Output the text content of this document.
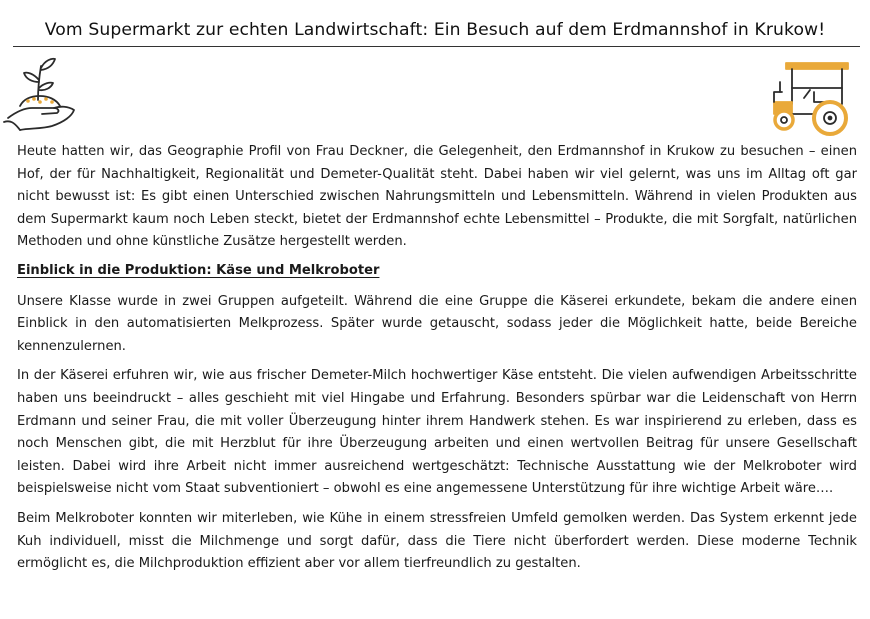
Vom Supermarkt zur echten Landwirtschaft: Ein Besuch auf dem Erdmannshof in Krukow!

Heute hatten wir, das Geographie Profil von Frau Deckner, die Gelegenheit, den Erdmannshof in Krukow zu besuchen – einen Hof, der für Nachhaltigkeit, Regionalität und Demeter-Qualität steht. Dabei haben wir viel gelernt, was uns im Alltag oft gar nicht bewusst ist: Es gibt einen Unterschied zwischen Nahrungsmitteln und Lebensmitteln. Während in vielen Produkten aus dem Supermarkt kaum noch Leben steckt, bietet der Erdmannshof echte Lebensmittel – Produkte, die mit Sorgfalt, natürlichen Methoden und ohne künstliche Zusätze hergestellt werden.

Einblick in die Produktion: Käse und Melkroboter

Unsere Klasse wurde in zwei Gruppen aufgeteilt. Während die eine Gruppe die Käserei erkundete, bekam die andere einen Einblick in den automatisierten Melkprozess. Später wurde getauscht, sodass jeder die Möglichkeit hatte, beide Bereiche kennenzulernen.

In der Käserei erfuhren wir, wie aus frischer Demeter-Milch hochwertiger Käse entsteht. Die vielen aufwendigen Arbeitsschritte haben uns beeindruckt – alles geschieht mit viel Hingabe und Erfahrung. Besonders spürbar war die Leidenschaft von Herrn Erdmann und seiner Frau, die mit voller Überzeugung hinter ihrem Handwerk stehen. Es war inspirierend zu erleben, dass es noch Menschen gibt, die mit Herzblut für ihre Überzeugung arbeiten und einen wertvollen Beitrag für unsere Gesellschaft leisten. Dabei wird ihre Arbeit nicht immer ausreichend wertgeschätzt: Technische Ausstattung wie der Melkroboter wird beispielsweise nicht vom Staat subventioniert – obwohl es eine angemessene Unterstützung für ihre wichtige Arbeit wäre….

Beim Melkroboter konnten wir miterleben, wie Kühe in einem stressfreien Umfeld gemolken werden. Das System erkennt jede Kuh individuell, misst die Milchmenge und sorgt dafür, dass die Tiere nicht überfordert werden. Diese moderne Technik ermöglicht es, die Milchproduktion effizient aber vor allem tierfreundlich zu gestalten.
